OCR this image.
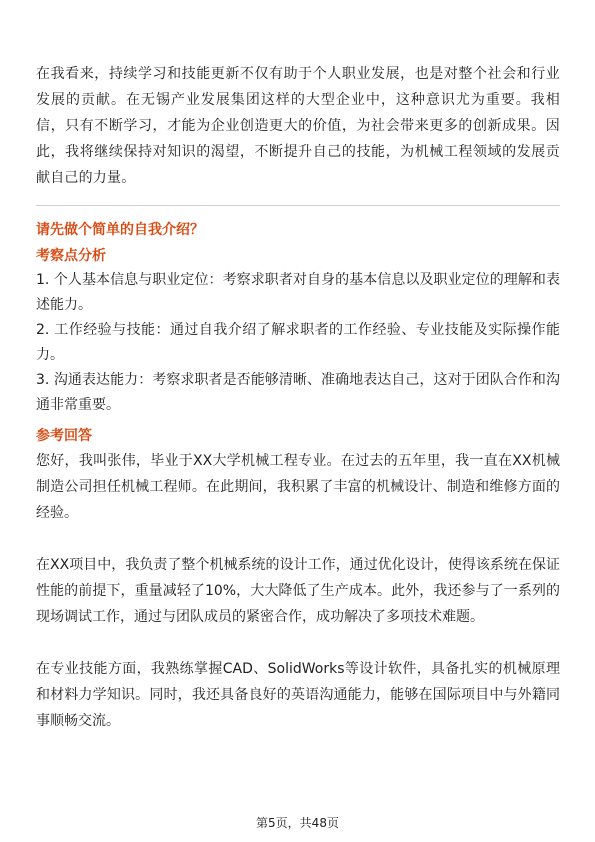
在我看来，持续学习和技能更新不仅有助于个人职业发展，也是对整个社会和行业发展的贡献。在无锡产业发展集团这样的大型企业中，这种意识尤为重要。我相信，只有不断学习，才能为企业创造更大的价值，为社会带来更多的创新成果。因此，我将继续保持对知识的渴望，不断提升自己的技能，为机械工程领域的发展贡献自己的力量。

请先做个简单的自我介绍？
考察点分析

1. 个人基本信息与职业定位：考察求职者对自身的基本信息以及职业定位的理解和表述能力。

2. 工作经验与技能：通过自我介绍了解求职者的工作经验、专业技能及实际操作能力。

3. 沟通表达能力：考察求职者是否能够清晰、准确地表达自己，这对于团队合作和沟通非常重要。

参考回答

您好，我叫张伟，毕业于XX大学机械工程专业。在过去的五年里，我一直在XX机械制造公司担任机械工程师。在此期间，我积累了丰富的机械设计、制造和维修方面的经验。

在XX项目中，我负责了整个机械系统的设计工作，通过优化设计，使得该系统在保证性能的前提下，重量减轻了10%，大大降低了生产成本。此外，我还参与了一系列的现场调试工作，通过与团队成员的紧密合作，成功解决了多项技术难题。

在专业技能方面，我熟练掌握CAD、SolidWorks等设计软件，具备扎实的机械原理和材料力学知识。同时，我还具备良好的英语沟通能力，能够在国际项目中与外籍同事顺畅交流。

第5页，共48页
